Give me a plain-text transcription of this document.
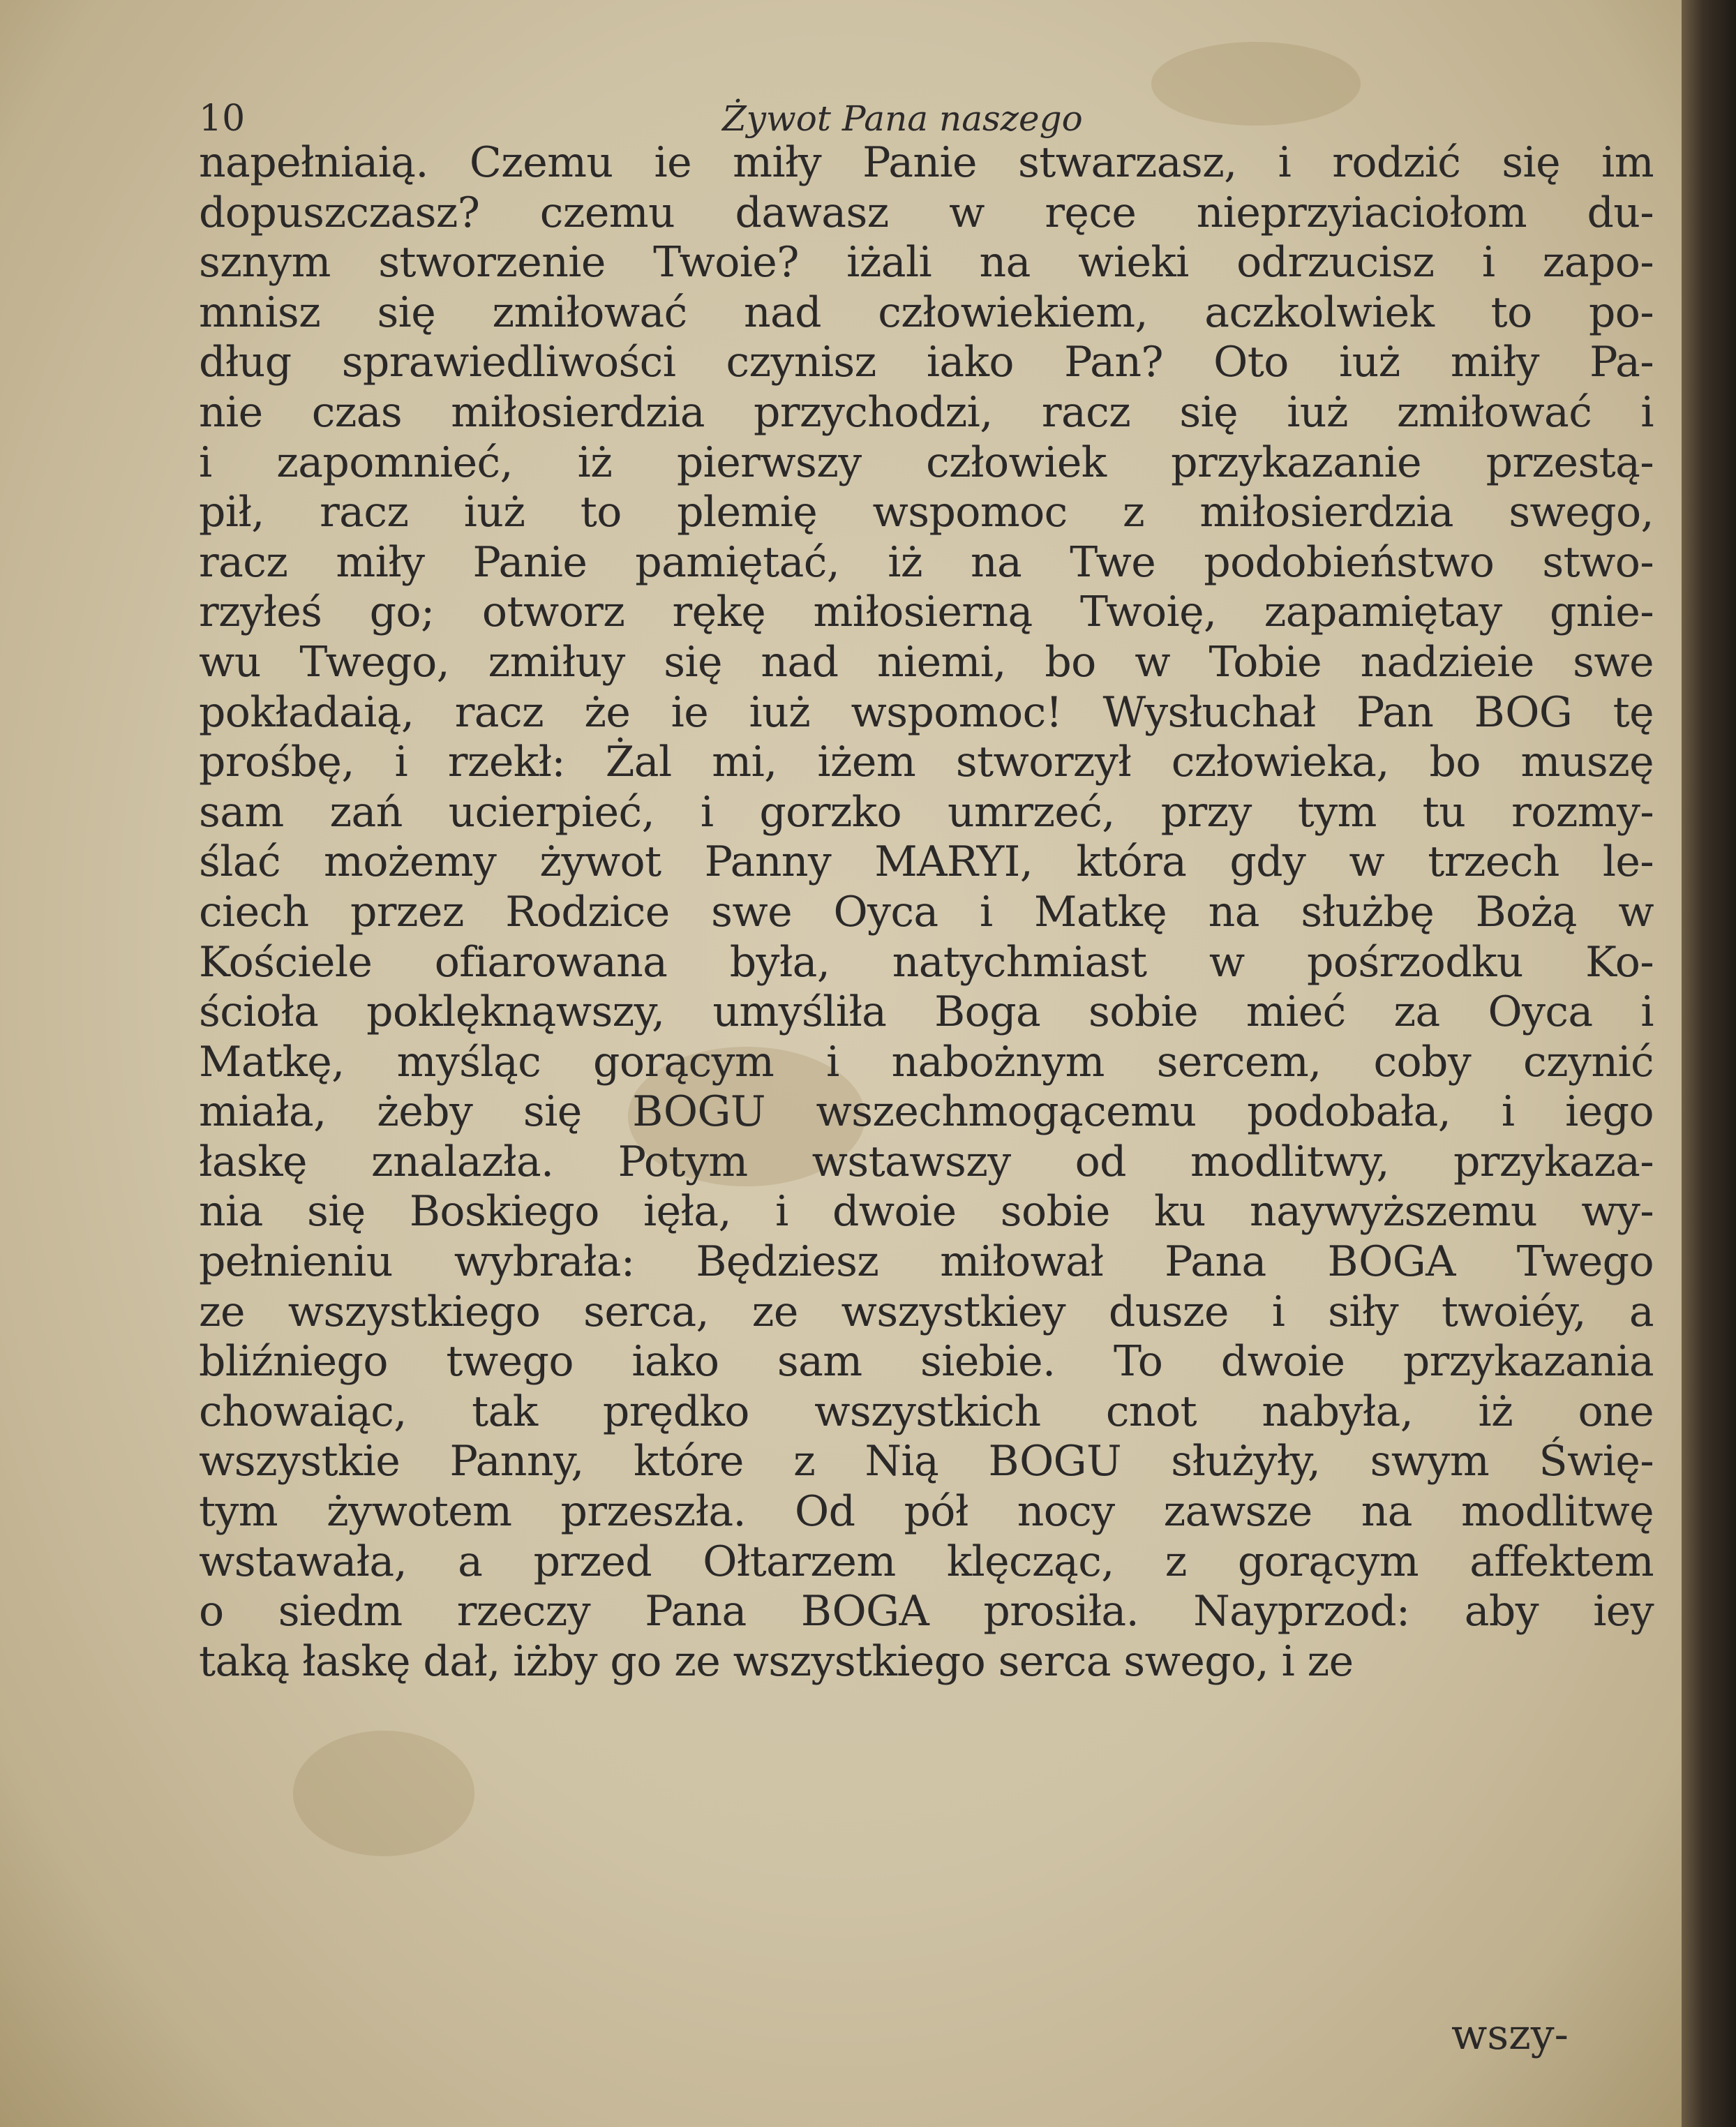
10	Żywot Pana naszego
napełniaią. Czemu ie miły Panie stwarzasz, i rodzić się im
dopuszczasz? czemu dawasz w ręce nieprzyiaciołom du-
sznym stworzenie Twoie? iżali na wieki odrzucisz i zapo-
mnisz się zmiłować nad człowiekiem, aczkolwiek to po-
dług sprawiedliwości czynisz iako Pan? Oto iuż miły Pa-
nie czas miłosierdzia przychodzi, racz się iuż zmiłować i
i zapomnieć, iż pierwszy człowiek przykazanie przestą-
pił, racz iuż to plemię wspomoc z miłosierdzia swego,
racz miły Panie pamiętać, iż na Twe podobieństwo stwo-
rzyłeś go; otworz rękę miłosierną Twoię, zapamiętay gnie-
wu Twego, zmiłuy się nad niemi, bo w Tobie nadzieie swe
pokładaią, racz że ie iuż wspomoc! Wysłuchał Pan BOG tę
prośbę, i rzekł: Żal mi, iżem stworzył człowieka, bo muszę
sam zań ucierpieć, i gorzko umrzeć, przy tym tu rozmy-
ślać możemy żywot Panny MARYI, która gdy w trzech le-
ciech przez Rodzice swe Oyca i Matkę na służbę Bożą w
Kościele ofiarowana była, natychmiast w pośrzodku Ko-
ścioła poklęknąwszy, umyśliła Boga sobie mieć za Oyca i
Matkę, myśląc gorącym i nabożnym sercem, coby czynić
miała, żeby się BOGU wszechmogącemu podobała, i iego
łaskę znalazła. Potym wstawszy od modlitwy, przykaza-
nia się Boskiego ięła, i dwoie sobie ku naywyższemu wy-
pełnieniu wybrała: Będziesz miłował Pana BOGA Twego
ze wszystkiego serca, ze wszystkiey dusze i siły twoiéy, a
bliźniego twego iako sam siebie. To dwoie przykazania
chowaiąc, tak prędko wszystkich cnot nabyła, iż one
wszystkie Panny, które z Nią BOGU służyły, swym Świę-
tym żywotem przeszła. Od pół nocy zawsze na modlitwę
wstawała, a przed Ołtarzem klęcząc, z gorącym affektem
o siedm rzeczy Pana BOGA prosiła. Nayprzod: aby iey
taką łaskę dał, iżby go ze wszystkiego serca swego, i ze
wszy-
